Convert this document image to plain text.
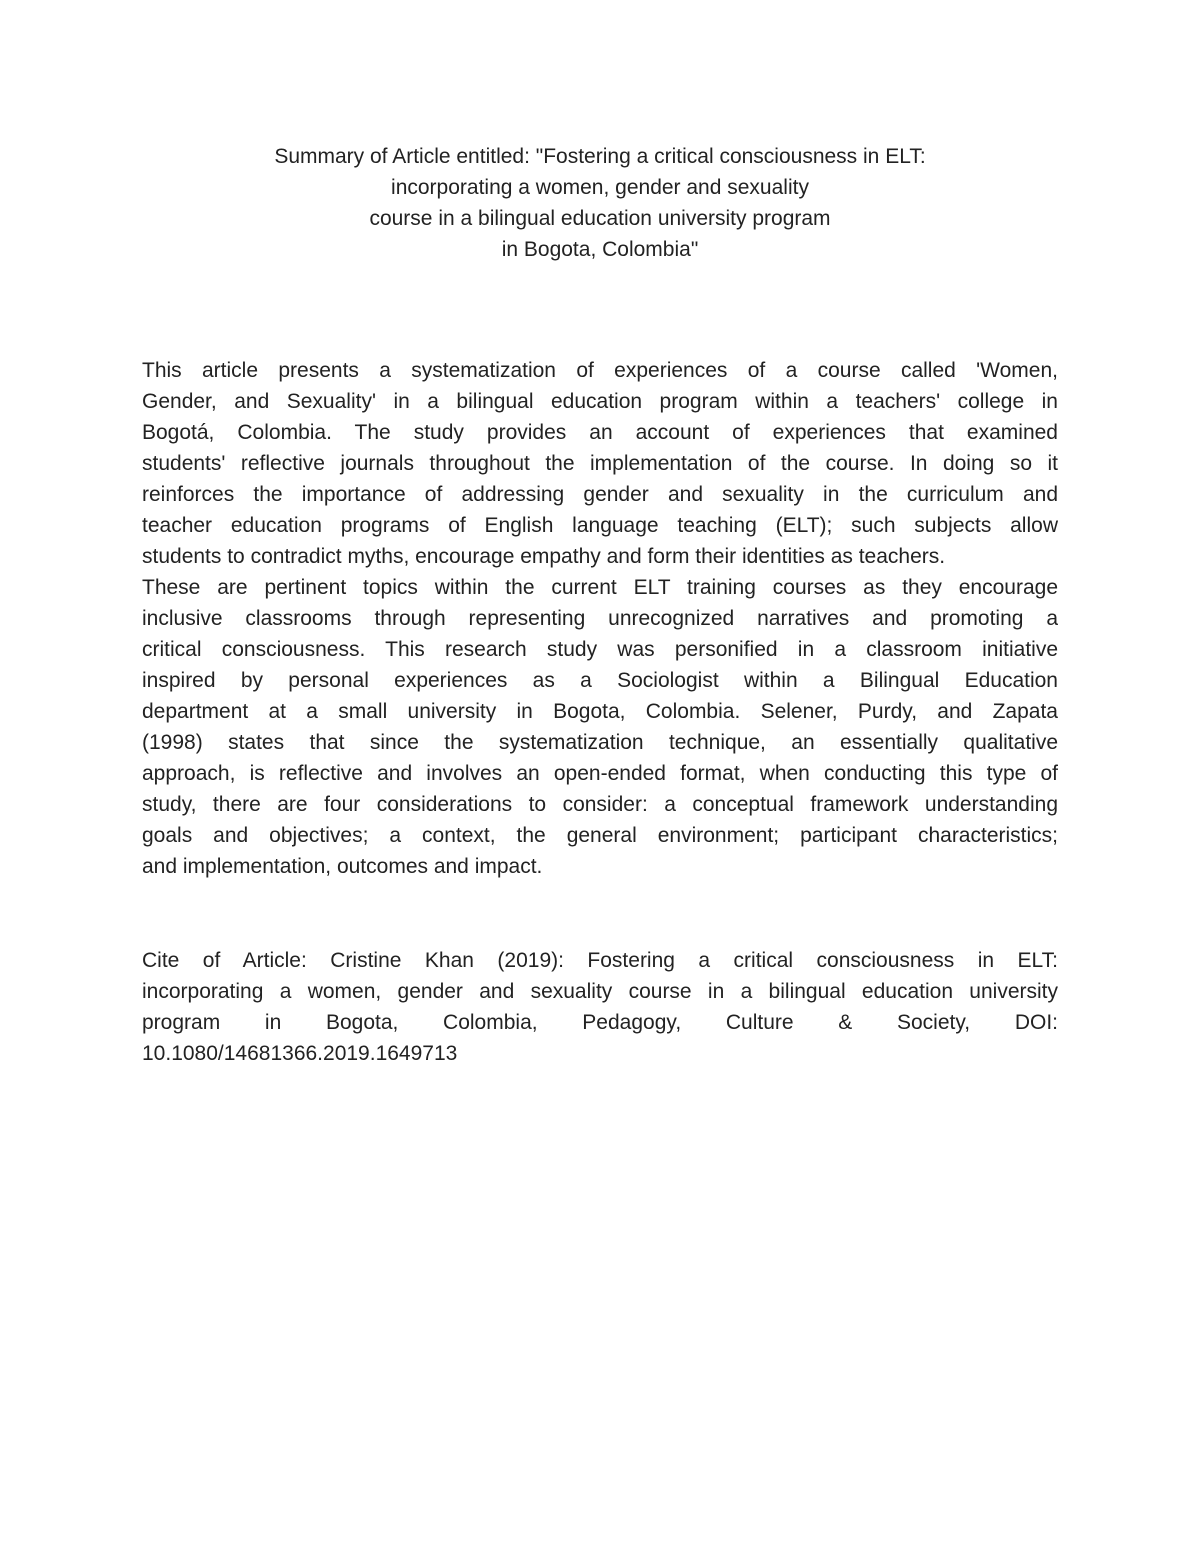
Summary of Article entitled: "Fostering a critical consciousness in ELT:
incorporating a women, gender and sexuality
course in a bilingual education university program
in Bogota, Colombia"
This article presents a systematization of experiences of a course called 'Women,
Gender, and Sexuality' in a bilingual education program within a teachers' college in
Bogotá, Colombia. The study provides an account of experiences that examined
students' reflective journals throughout the implementation of the course. In doing so it
reinforces the importance of addressing gender and sexuality in the curriculum and
teacher education programs of English language teaching (ELT); such subjects allow
students to contradict myths, encourage empathy and form their identities as teachers.
These are pertinent topics within the current ELT training courses as they encourage
inclusive classrooms through representing unrecognized narratives and promoting a
critical consciousness. This research study was personified in a classroom initiative
inspired by personal experiences as a Sociologist within a Bilingual Education
department at a small university in Bogota, Colombia. Selener, Purdy, and Zapata
(1998) states that since the systematization technique, an essentially qualitative
approach, is reflective and involves an open-ended format, when conducting this type of
study, there are four considerations to consider: a conceptual framework understanding
goals and objectives; a context, the general environment; participant characteristics;
and implementation, outcomes and impact.
Cite of Article: Cristine Khan (2019): Fostering a critical consciousness in ELT:
incorporating a women, gender and sexuality course in a bilingual education university
program in Bogota, Colombia, Pedagogy, Culture & Society, DOI:
10.1080/14681366.2019.1649713
